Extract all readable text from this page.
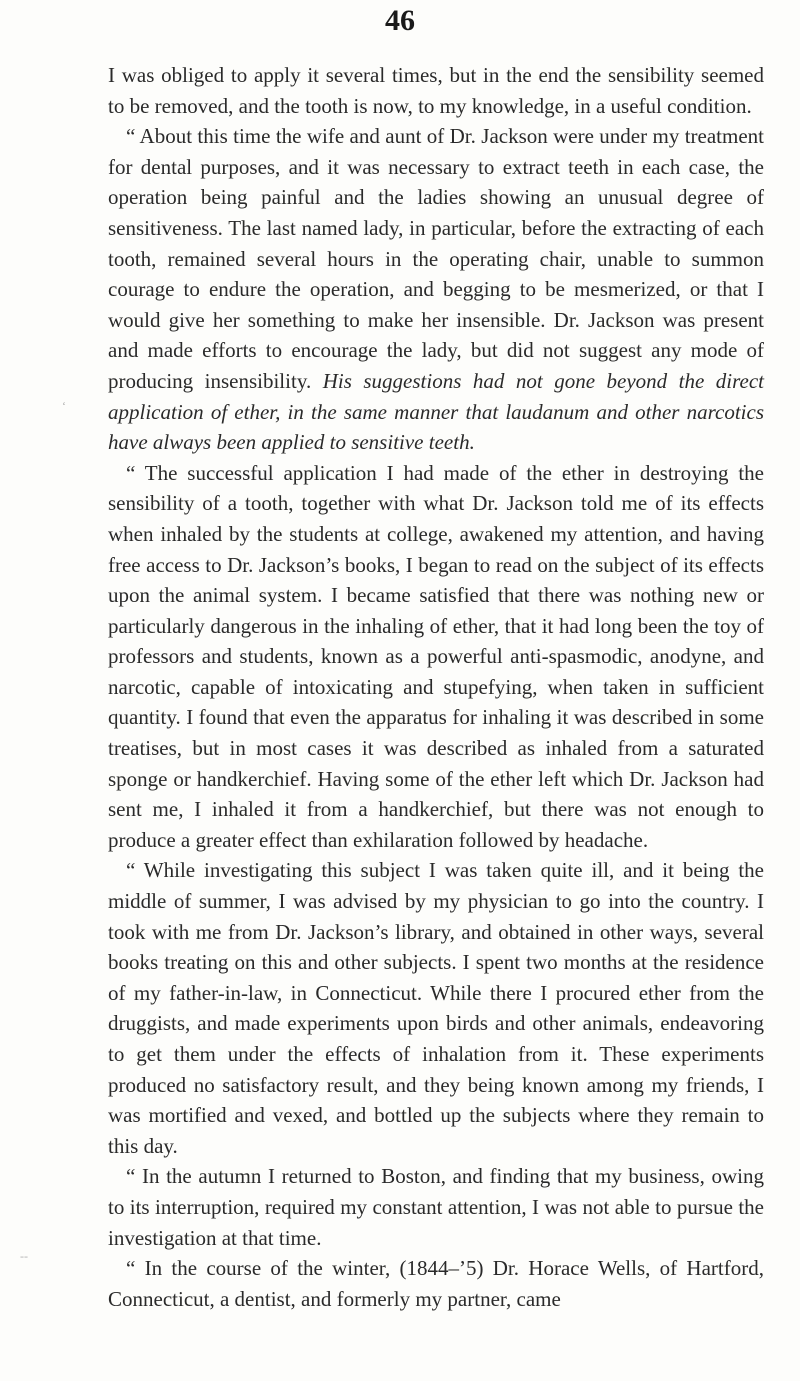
46

I was obliged to apply it several times, but in the end the sensibility seemed to be removed, and the tooth is now, to my knowledge, in a useful condition.

“ About this time the wife and aunt of Dr. Jackson were under my treatment for dental purposes, and it was necessary to extract teeth in each case, the operation being painful and the ladies showing an unusual degree of sensitiveness. The last named lady, in particular, before the extracting of each tooth, remained several hours in the operating chair, unable to summon courage to endure the operation, and begging to be mesmerized, or that I would give her something to make her insensible. Dr. Jackson was present and made efforts to encourage the lady, but did not suggest any mode of producing insensibility. His suggestions had not gone beyond the direct application of ether, in the same manner that laudanum and other narcotics have always been applied to sensitive teeth.

“ The successful application I had made of the ether in destroying the sensibility of a tooth, together with what Dr. Jackson told me of its effects when inhaled by the students at college, awakened my attention, and having free access to Dr. Jackson’s books, I began to read on the subject of its effects upon the animal system. I became satisfied that there was nothing new or particularly dangerous in the inhaling of ether, that it had long been the toy of professors and students, known as a powerful anti-spasmodic, anodyne, and narcotic, capable of intoxicating and stupefying, when taken in sufficient quantity. I found that even the apparatus for inhaling it was described in some treatises, but in most cases it was described as inhaled from a saturated sponge or handkerchief. Having some of the ether left which Dr. Jackson had sent me, I inhaled it from a handkerchief, but there was not enough to produce a greater effect than exhilaration followed by headache.

“ While investigating this subject I was taken quite ill, and it being the middle of summer, I was advised by my physician to go into the country. I took with me from Dr. Jackson’s library, and obtained in other ways, several books treating on this and other subjects. I spent two months at the residence of my father-in-law, in Connecticut. While there I procured ether from the druggists, and made experiments upon birds and other animals, endeavoring to get them under the effects of inhalation from it. These experiments produced no satisfactory result, and they being known among my friends, I was mortified and vexed, and bottled up the subjects where they remain to this day.

“ In the autumn I returned to Boston, and finding that my business, owing to its interruption, required my constant attention, I was not able to pursue the investigation at that time.

“ In the course of the winter, (1844–’5) Dr. Horace Wells, of Hartford, Connecticut, a dentist, and formerly my partner, came

‘
‐‐
